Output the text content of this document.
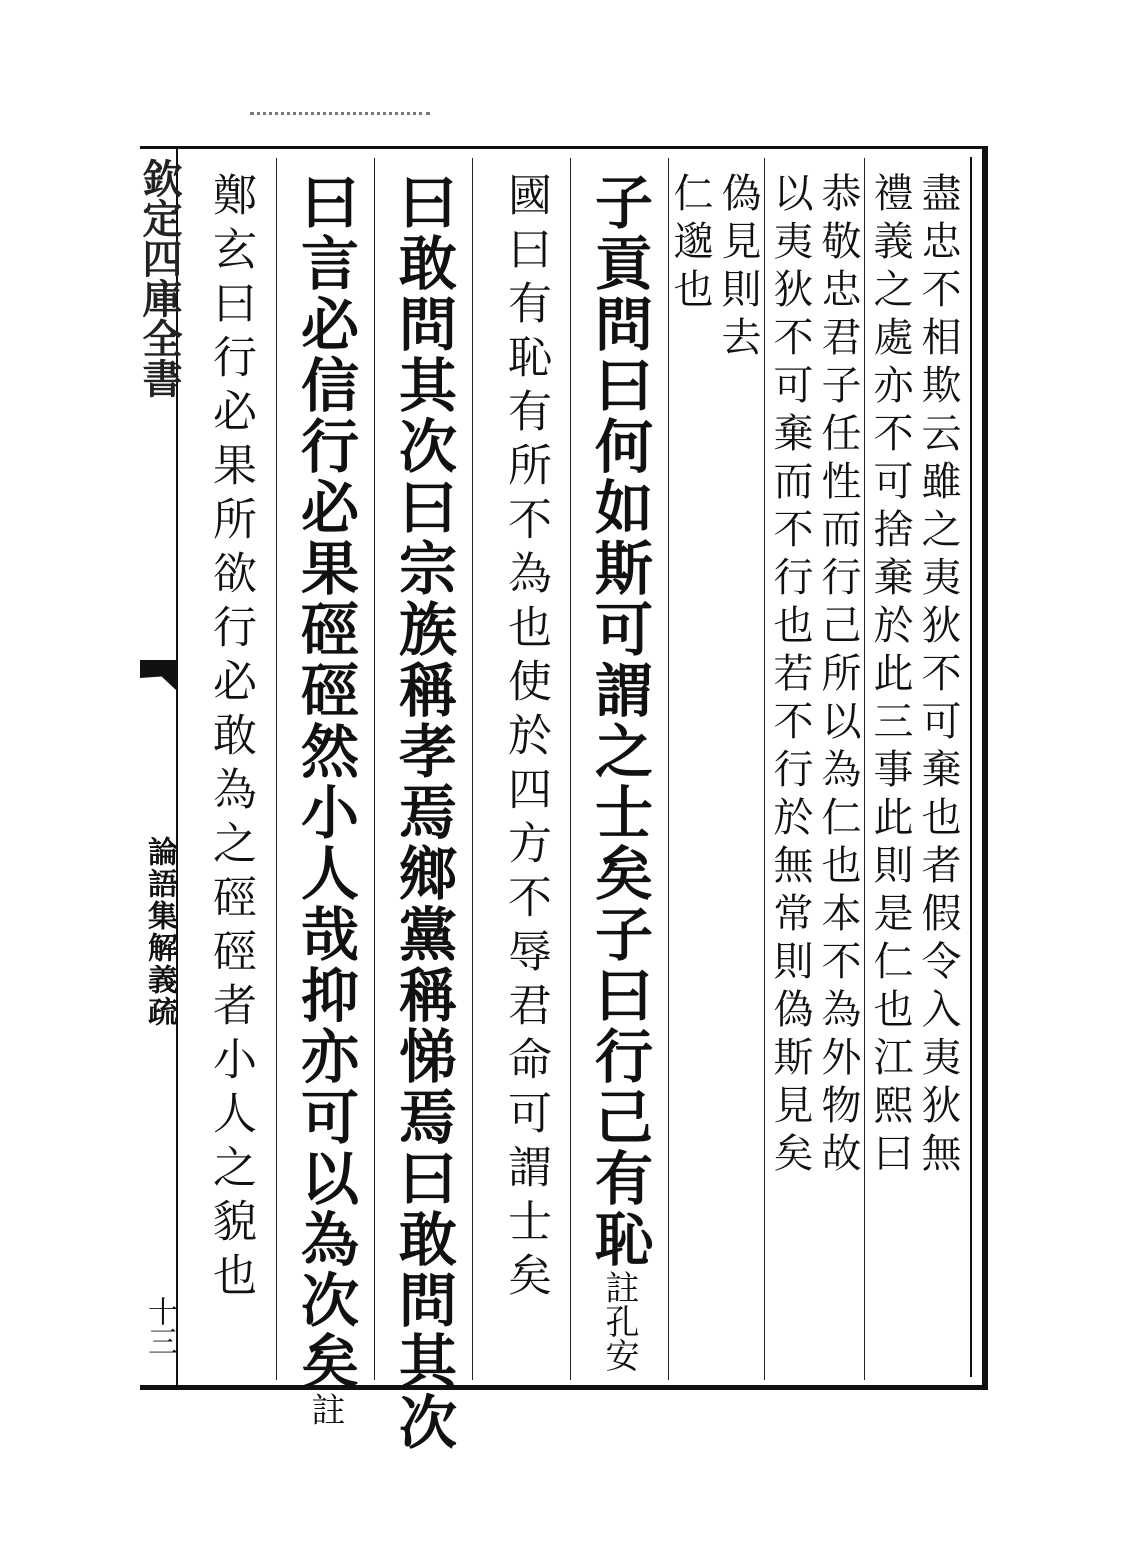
欽定四庫全書
論語集解義疏
十三
盡忠不相欺云雖之夷狄不可棄也者假令入夷狄無
禮義之處亦不可捨棄於此三事此則是仁也江熙曰
恭敬忠君子任性而行己所以為仁也本不為外物故
以夷狄不可棄而不行也若不行於無常則偽斯見矣
偽見則去
仁邈也
子貢問曰何如斯可謂之士矣子曰行己有恥註孔安
國曰有恥有所不為也使於四方不辱君命可謂士矣
曰敢問其次曰宗族稱孝焉鄉黨稱悌焉曰敢問其次
曰言必信行必果硜硜然小人哉抑亦可以為次矣註
鄭玄曰行必果所欲行必敢為之硜硜者小人之貌也
